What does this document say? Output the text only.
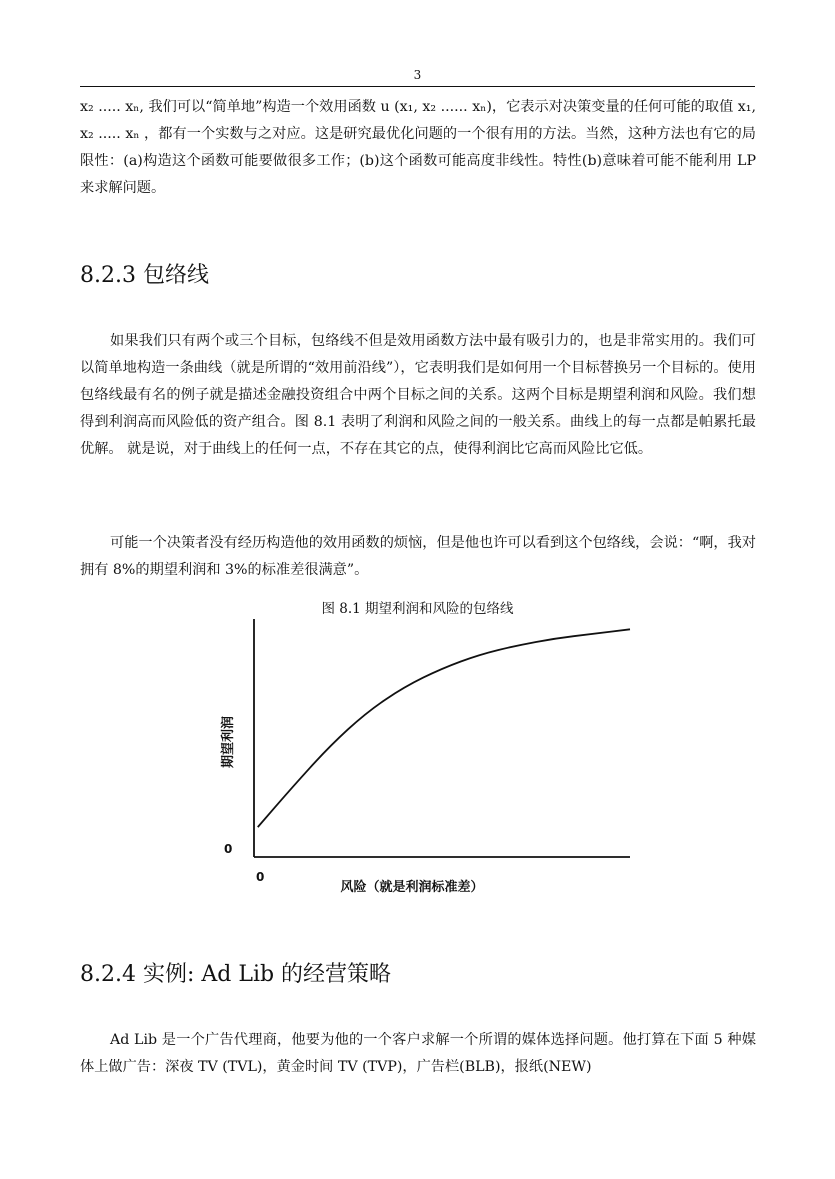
3

x₂ ..... xₙ, 我们可以“简单地”构造一个效用函数 u (x₁, x₂ ...... xₙ)，它表示对决策变量的任何可能的取值 x₁, x₂ ..... xₙ ，都有一个实数与之对应。这是研究最优化问题的一个很有用的方法。当然，这种方法也有它的局限性：(a)构造这个函数可能要做很多工作；(b)这个函数可能高度非线性。特性(b)意味着可能不能利用 LP 来求解问题。

8.2.3 包络线

如果我们只有两个或三个目标，包络线不但是效用函数方法中最有吸引力的，也是非常实用的。我们可以简单地构造一条曲线（就是所谓的“效用前沿线”），它表明我们是如何用一个目标替换另一个目标的。使用包络线最有名的例子就是描述金融投资组合中两个目标之间的关系。这两个目标是期望利润和风险。我们想得到利润高而风险低的资产组合。图 8.1 表明了利润和风险之间的一般关系。曲线上的每一点都是帕累托最优解。 就是说，对于曲线上的任何一点，不存在其它的点，使得利润比它高而风险比它低。

可能一个决策者没有经历构造他的效用函数的烦恼，但是他也许可以看到这个包络线，会说：“啊，我对拥有 8%的期望利润和 3%的标准差很满意”。

图 8.1 期望利润和风险的包络线
0
0
风险（就是利润标准差）
期望利润
8.2.4 实例: Ad Lib 的经营策略

Ad Lib 是一个广告代理商，他要为他的一个客户求解一个所谓的媒体选择问题。他打算在下面 5 种媒体上做广告：深夜 TV (TVL)，黄金时间 TV (TVP)，广告栏(BLB)，报纸(NEW)
